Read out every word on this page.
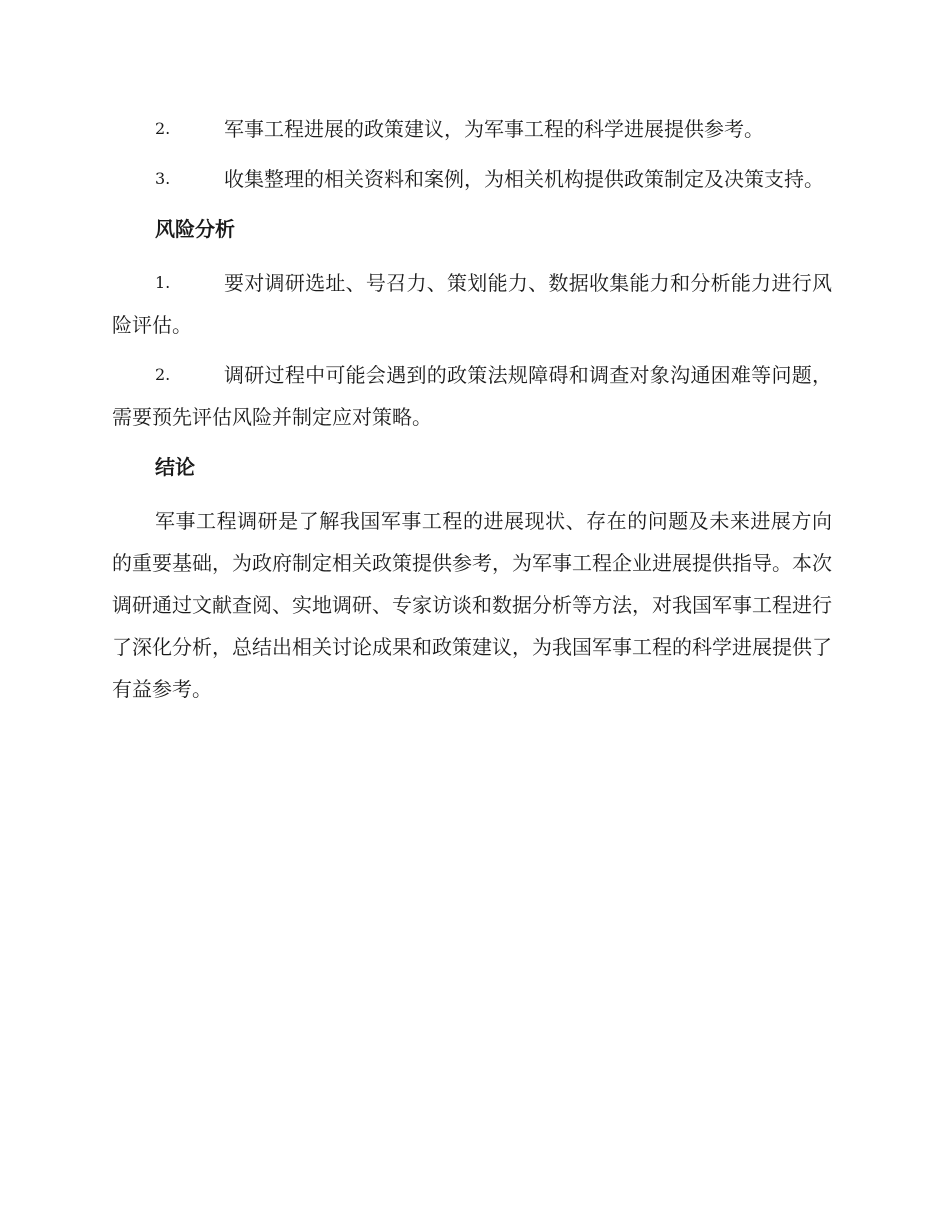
2.	军事工程进展的政策建议，为军事工程的科学进展提供参考。
3.	收集整理的相关资料和案例，为相关机构提供政策制定及决策支持。
风险分析
1.	要对调研选址、号召力、策划能力、数据收集能力和分析能力进行风险评估。
2.	调研过程中可能会遇到的政策法规障碍和调查对象沟通困难等问题，需要预先评估风险并制定应对策略。
结论

军事工程调研是了解我国军事工程的进展现状、存在的问题及未来进展方向的重要基础，为政府制定相关政策提供参考，为军事工程企业进展提供指导。本次调研通过文献查阅、实地调研、专家访谈和数据分析等方法，对我国军事工程进行了深化分析，总结出相关讨论成果和政策建议，为我国军事工程的科学进展提供了有益参考。
